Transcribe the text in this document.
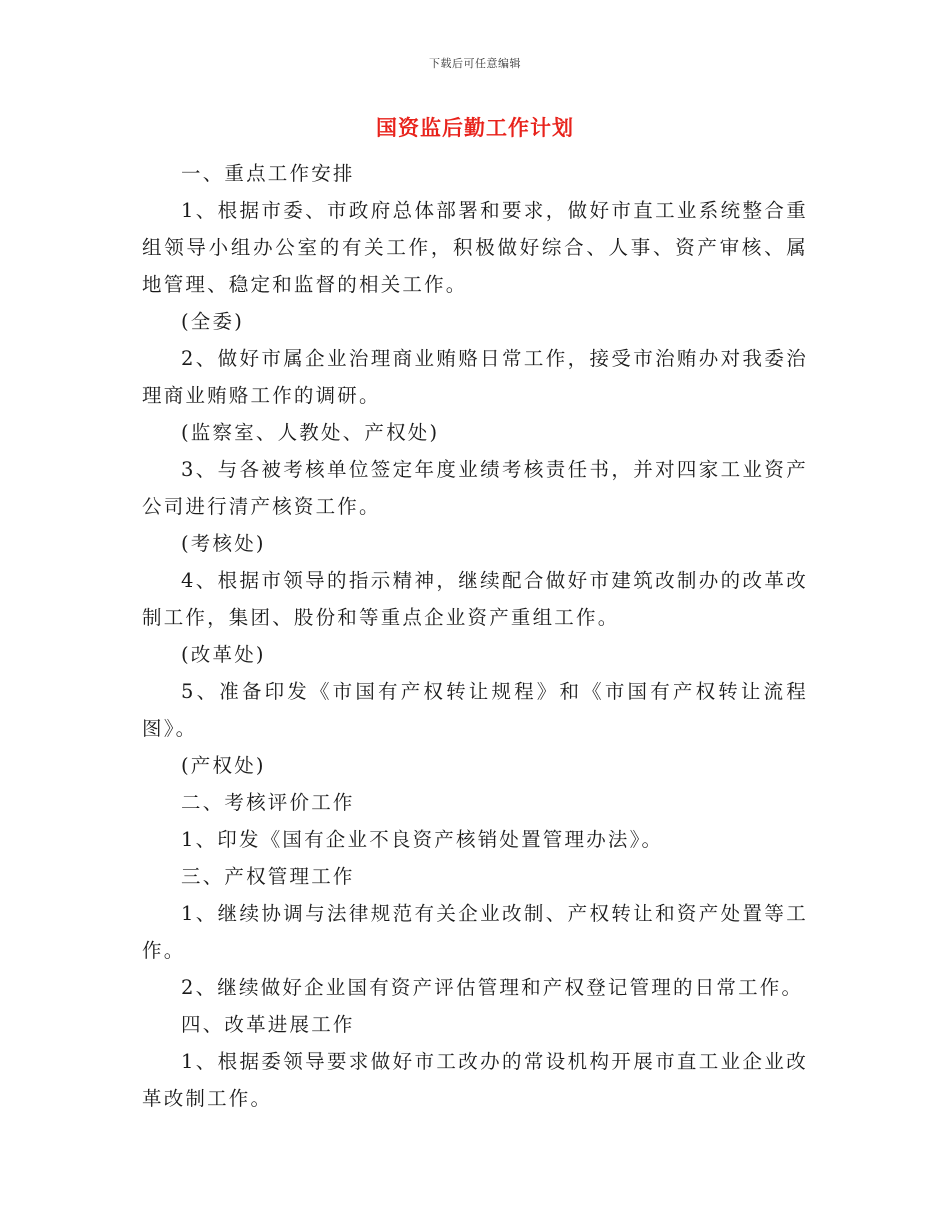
下载后可任意编辑
国资监后勤工作计划

一、重点工作安排

1、根据市委、市政府总体部署和要求，做好市直工业系统整合重组领导小组办公室的有关工作，积极做好综合、人事、资产审核、属地管理、稳定和监督的相关工作。

(全委)

2、做好市属企业治理商业贿赂日常工作，接受市治贿办对我委治理商业贿赂工作的调研。

(监察室、人教处、产权处)

3、与各被考核单位签定年度业绩考核责任书，并对四家工业资产公司进行清产核资工作。

(考核处)

4、根据市领导的指示精神，继续配合做好市建筑改制办的改革改制工作，集团、股份和等重点企业资产重组工作。

(改革处)

5、准备印发《市国有产权转让规程》和《市国有产权转让流程图》。

(产权处)

二、考核评价工作

1、印发《国有企业不良资产核销处置管理办法》。

三、产权管理工作

1、继续协调与法律规范有关企业改制、产权转让和资产处置等工作。

2、继续做好企业国有资产评估管理和产权登记管理的日常工作。

四、改革进展工作

1、根据委领导要求做好市工改办的常设机构开展市直工业企业改革改制工作。
